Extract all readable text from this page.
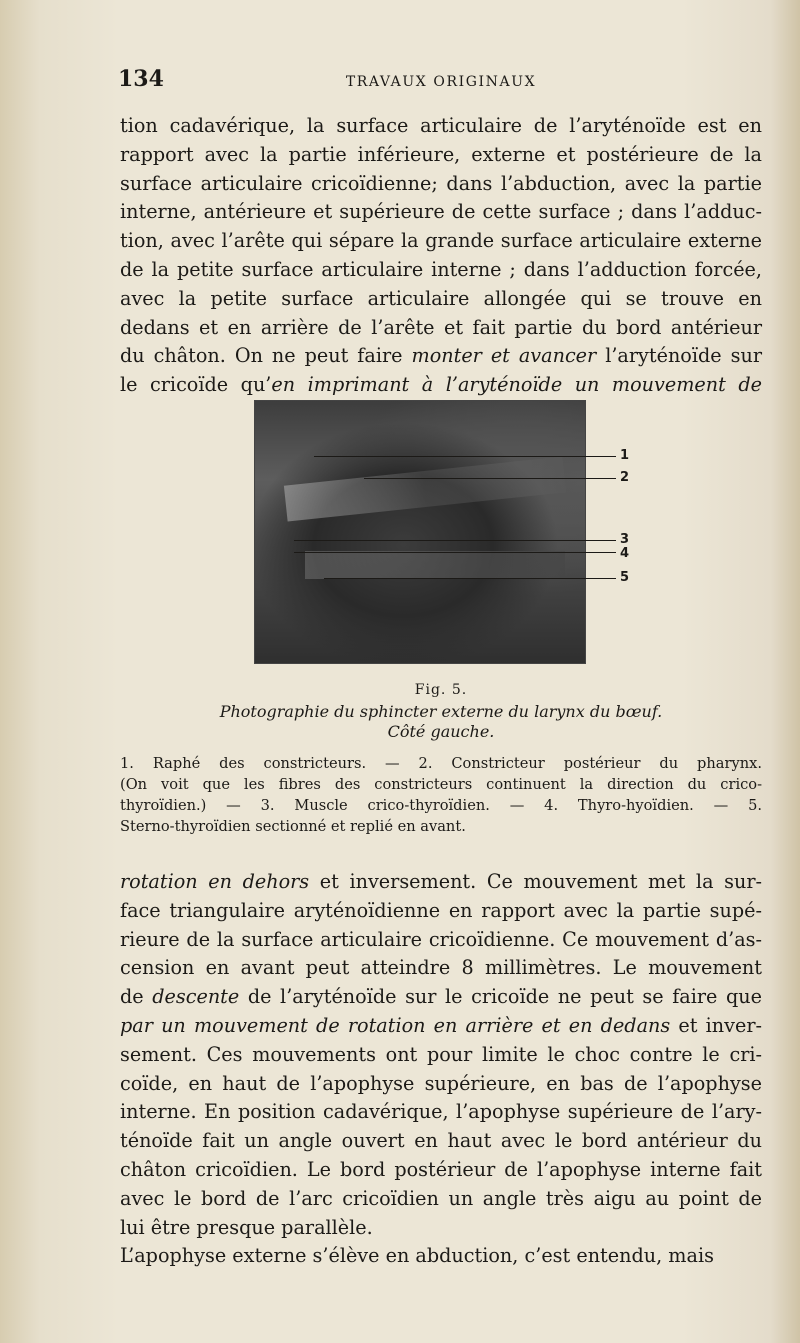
134	TRAVAUX ORIGINAUX
tion cadavérique, la surface articulaire de l’aryténoïde est en
rapport avec la partie inférieure, externe et postérieure de la
surface articulaire cricoïdienne; dans l’abduction, avec la partie
interne, antérieure et supérieure de cette surface ; dans l’adduc-
tion, avec l’arête qui sépare la grande surface articulaire externe
de la petite surface articulaire interne ; dans l’adduction forcée,
avec la petite surface articulaire allongée qui se trouve en
dedans et en arrière de l’arête et fait partie du bord antérieur
du châton. On ne peut faire monter et avancer l’aryténoïde sur
le cricoïde qu’en imprimant à l’aryténoïde un mouvement de
1
2
3
4
5
Fig. 5.
Photographie du sphincter externe du larynx du bœuf.
Côté gauche.
1. Raphé des constricteurs. — 2. Constricteur postérieur du pharynx.
(On voit que les fibres des constricteurs continuent la direction du crico-
thyroïdien.) — 3. Muscle crico-thyroïdien. — 4. Thyro-hyoïdien. — 5.
Sterno-thyroïdien sectionné et replié en avant.
rotation en dehors et inversement. Ce mouvement met la sur-
face triangulaire aryténoïdienne en rapport avec la partie supé-
rieure de la surface articulaire cricoïdienne. Ce mouvement d’as-
cension en avant peut atteindre 8 millimètres. Le mouvement
de descente de l’aryténoïde sur le cricoïde ne peut se faire que
par un mouvement de rotation en arrière et en dedans et inver-
sement. Ces mouvements ont pour limite le choc contre le cri-
coïde, en haut de l’apophyse supérieure, en bas de l’apophyse
interne. En position cadavérique, l’apophyse supérieure de l’ary-
ténoïde fait un angle ouvert en haut avec le bord antérieur du
châton cricoïdien. Le bord postérieur de l’apophyse interne fait
avec le bord de l’arc cricoïdien un angle très aigu au point de
lui être presque parallèle.
L’apophyse externe s’élève en abduction, c’est entendu, mais
